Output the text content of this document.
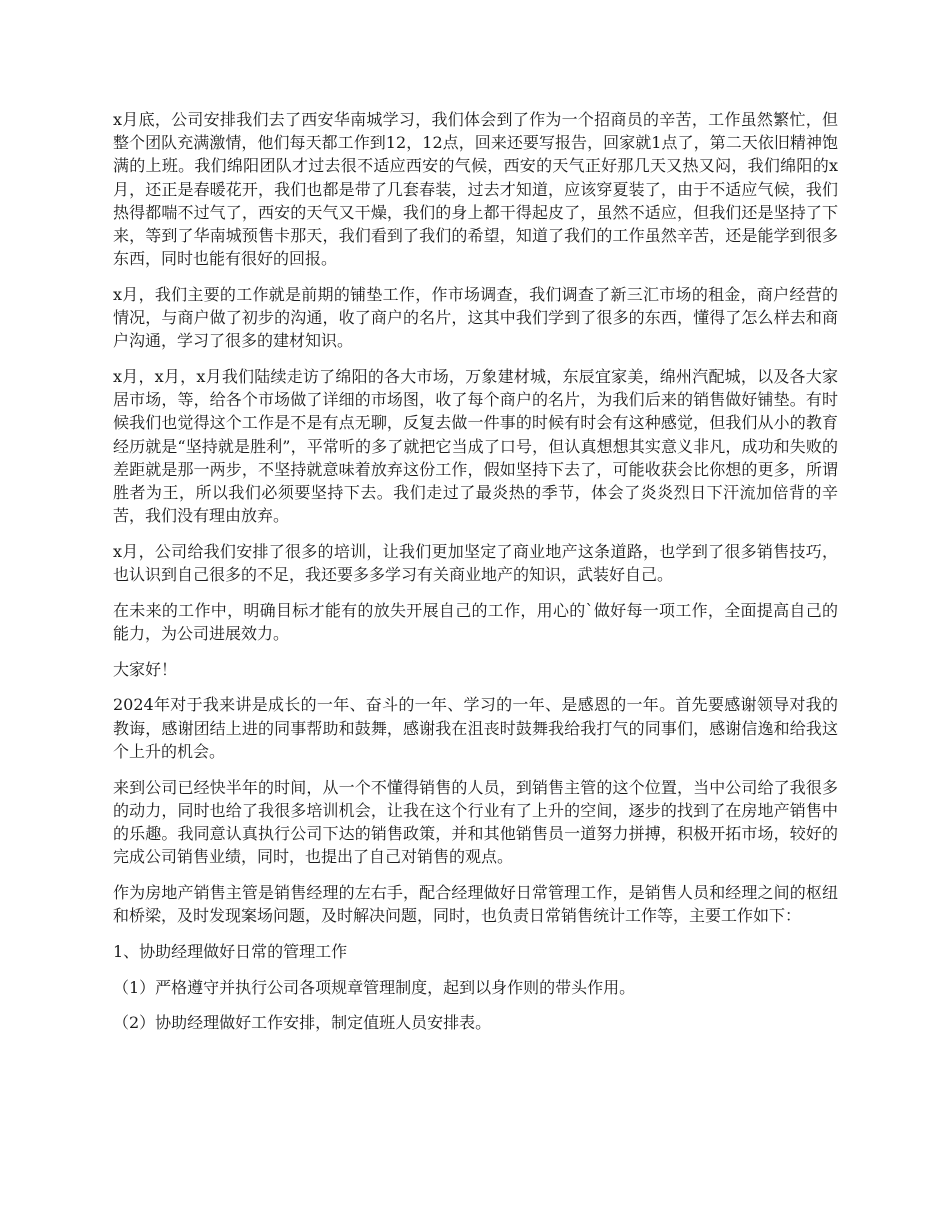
x月底，公司安排我们去了西安华南城学习，我们体会到了作为一个招商员的辛苦，工作虽然繁忙，但整个团队充满激情，他们每天都工作到12，12点，回来还要写报告，回家就1点了，第二天依旧精神饱满的上班。我们绵阳团队才过去很不适应西安的气候，西安的天气正好那几天又热又闷，我们绵阳的x月，还正是春暖花开，我们也都是带了几套春装，过去才知道，应该穿夏装了，由于不适应气候，我们热得都喘不过气了，西安的天气又干燥，我们的身上都干得起皮了，虽然不适应，但我们还是坚持了下来，等到了华南城预售卡那天，我们看到了我们的希望，知道了我们的工作虽然辛苦，还是能学到很多东西，同时也能有很好的回报。

x月，我们主要的工作就是前期的铺垫工作，作市场调查，我们调查了新三汇市场的租金，商户经营的情况，与商户做了初步的沟通，收了商户的名片，这其中我们学到了很多的东西，懂得了怎么样去和商户沟通，学习了很多的建材知识。

x月，x月，x月我们陆续走访了绵阳的各大市场，万象建材城，东辰宜家美，绵州汽配城，以及各大家居市场，等，给各个市场做了详细的市场图，收了每个商户的名片，为我们后来的销售做好铺垫。有时候我们也觉得这个工作是不是有点无聊，反复去做一件事的时候有时会有这种感觉，但我们从小的教育经历就是“坚持就是胜利”，平常听的多了就把它当成了口号，但认真想想其实意义非凡，成功和失败的差距就是那一两步，不坚持就意味着放弃这份工作，假如坚持下去了，可能收获会比你想的更多，所谓胜者为王，所以我们必须要坚持下去。我们走过了最炎热的季节，体会了炎炎烈日下汗流加倍背的辛苦，我们没有理由放弃。

x月，公司给我们安排了很多的培训，让我们更加坚定了商业地产这条道路，也学到了很多销售技巧，也认识到自己很多的不足，我还要多多学习有关商业地产的知识，武装好自己。

在未来的工作中，明确目标才能有的放失开展自己的工作，用心的`做好每一项工作，全面提高自己的能力，为公司进展效力。

大家好！

2024年对于我来讲是成长的一年、奋斗的一年、学习的一年、是感恩的一年。首先要感谢领导对我的教诲，感谢团结上进的同事帮助和鼓舞，感谢我在沮丧时鼓舞我给我打气的同事们，感谢信逸和给我这个上升的机会。

来到公司已经快半年的时间，从一个不懂得销售的人员，到销售主管的这个位置，当中公司给了我很多的动力，同时也给了我很多培训机会，让我在这个行业有了上升的空间，逐步的找到了在房地产销售中的乐趣。我同意认真执行公司下达的销售政策，并和其他销售员一道努力拼搏，积极开拓市场，较好的完成公司销售业绩，同时，也提出了自己对销售的观点。

作为房地产销售主管是销售经理的左右手，配合经理做好日常管理工作，是销售人员和经理之间的枢纽和桥梁，及时发现案场问题，及时解决问题，同时，也负责日常销售统计工作等，主要工作如下：

1、协助经理做好日常的管理工作

（1）严格遵守并执行公司各项规章管理制度，起到以身作则的带头作用。

（2）协助经理做好工作安排，制定值班人员安排表。
